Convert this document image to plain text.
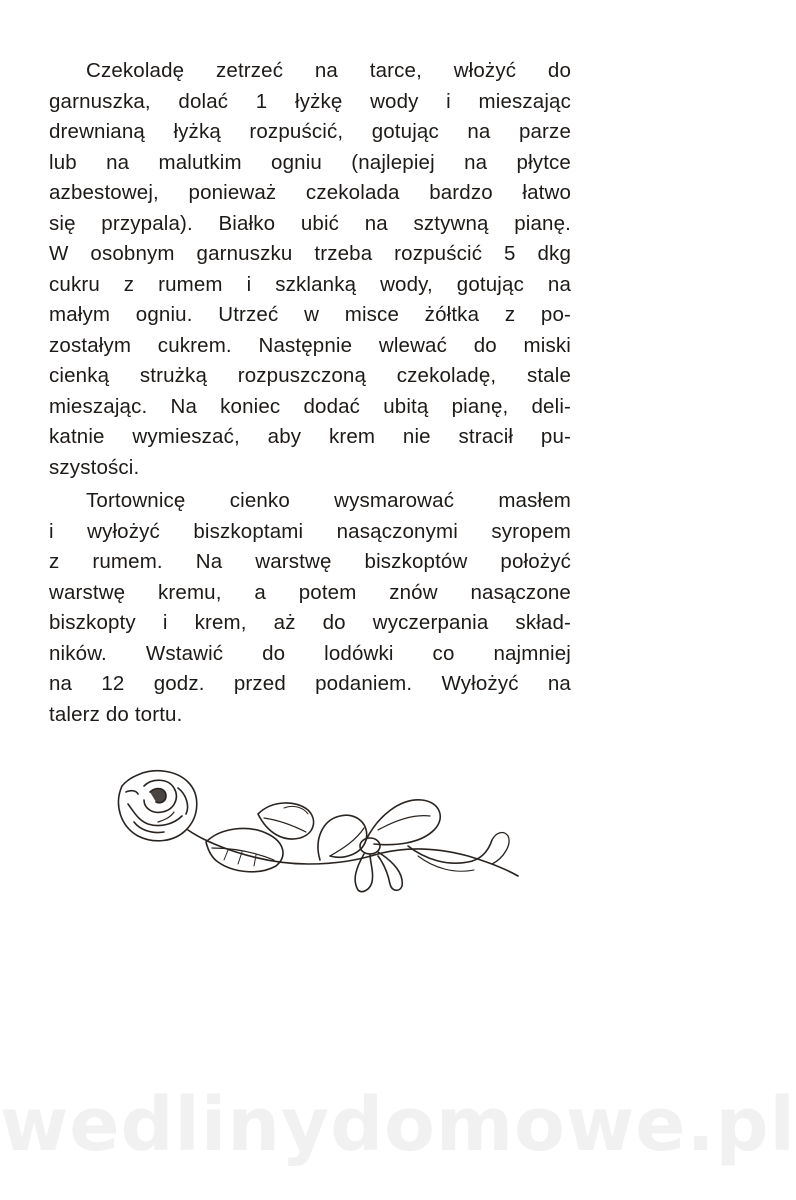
Czekoladę zetrzeć na tarce, włożyć do
garnuszka, dolać 1 łyżkę wody i mieszając
drewnianą łyżką rozpuścić, gotując na parze
lub na malutkim ogniu (najlepiej na płytce
azbestowej, ponieważ czekolada bardzo łatwo
się przypala). Białko ubić na sztywną pianę.
W osobnym garnuszku trzeba rozpuścić 5 dkg
cukru z rumem i szklanką wody, gotując na
małym ogniu. Utrzeć w misce żółtka z po-
zostałym cukrem. Następnie wlewać do miski
cienką strużką rozpuszczoną czekoladę, stale
mieszając. Na koniec dodać ubitą pianę, deli-
katnie wymieszać, aby krem nie stracił pu-
szystości.
Tortownicę cienko wysmarować masłem
i wyłożyć biszkoptami nasączonymi syropem
z rumem. Na warstwę biszkoptów położyć
warstwę kremu, a potem znów nasączone
biszkopty i krem, aż do wyczerpania skład-
ników. Wstawić do lodówki co najmniej
na 12 godz. przed podaniem. Wyłożyć na
talerz do tortu.
wedlinydomowe.pl
